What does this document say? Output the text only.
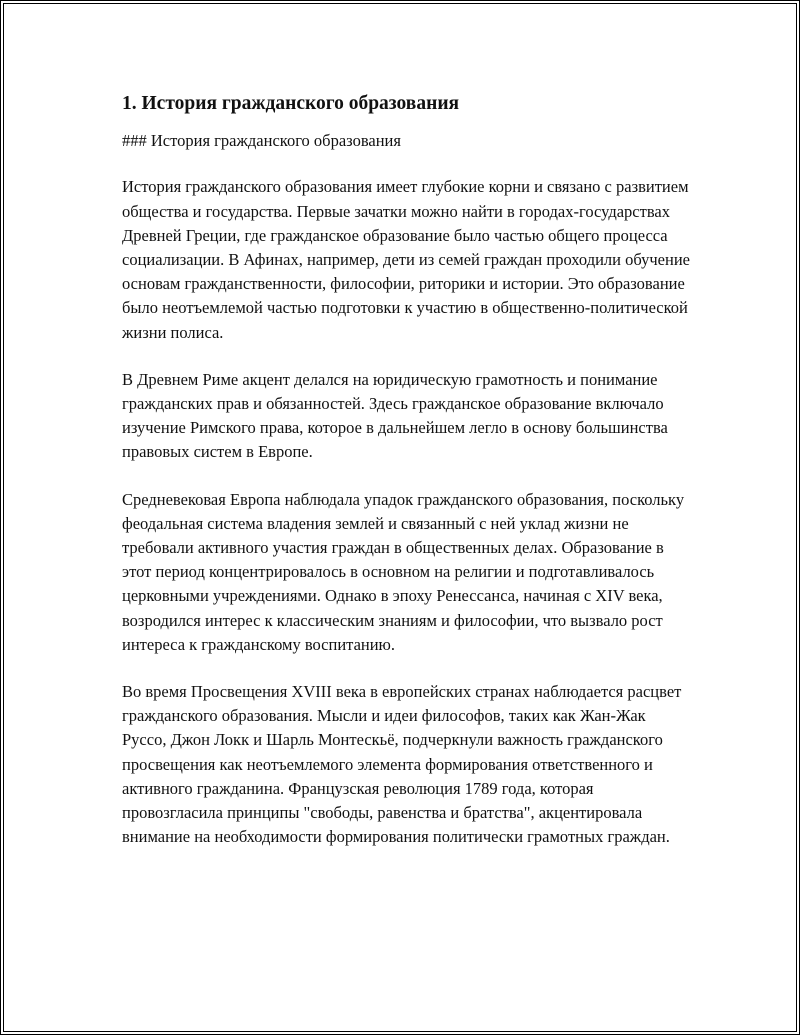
1. История гражданского образования

### История гражданского образования

История гражданского образования имеет глубокие корни и связано с развитием общества и государства. Первые зачатки можно найти в городах-государствах Древней Греции, где гражданское образование было частью общего процесса социализации. В Афинах, например, дети из семей граждан проходили обучение основам гражданственности, философии, риторики и истории. Это образование было неотъемлемой частью подготовки к участию в общественно-политической жизни полиса.

В Древнем Риме акцент делался на юридическую грамотность и понимание гражданских прав и обязанностей. Здесь гражданское образование включало изучение Римского права, которое в дальнейшем легло в основу большинства правовых систем в Европе.

Средневековая Европа наблюдала упадок гражданского образования, поскольку феодальная система владения землей и связанный с ней уклад жизни не требовали активного участия граждан в общественных делах. Образование в этот период концентрировалось в основном на религии и подготавливалось церковными учреждениями. Однако в эпоху Ренессанса, начиная с XIV века, возродился интерес к классическим знаниям и философии, что вызвало рост интереса к гражданскому воспитанию.

Во время Просвещения XVIII века в европейских странах наблюдается расцвет гражданского образования. Мысли и идеи философов, таких как Жан-Жак Руссо, Джон Локк и Шарль Монтескьё, подчеркнули важность гражданского просвещения как неотъемлемого элемента формирования ответственного и активного гражданина. Французская революция 1789 года, которая провозгласила принципы "свободы, равенства и братства", акцентировала внимание на необходимости формирования политически грамотных граждан.
